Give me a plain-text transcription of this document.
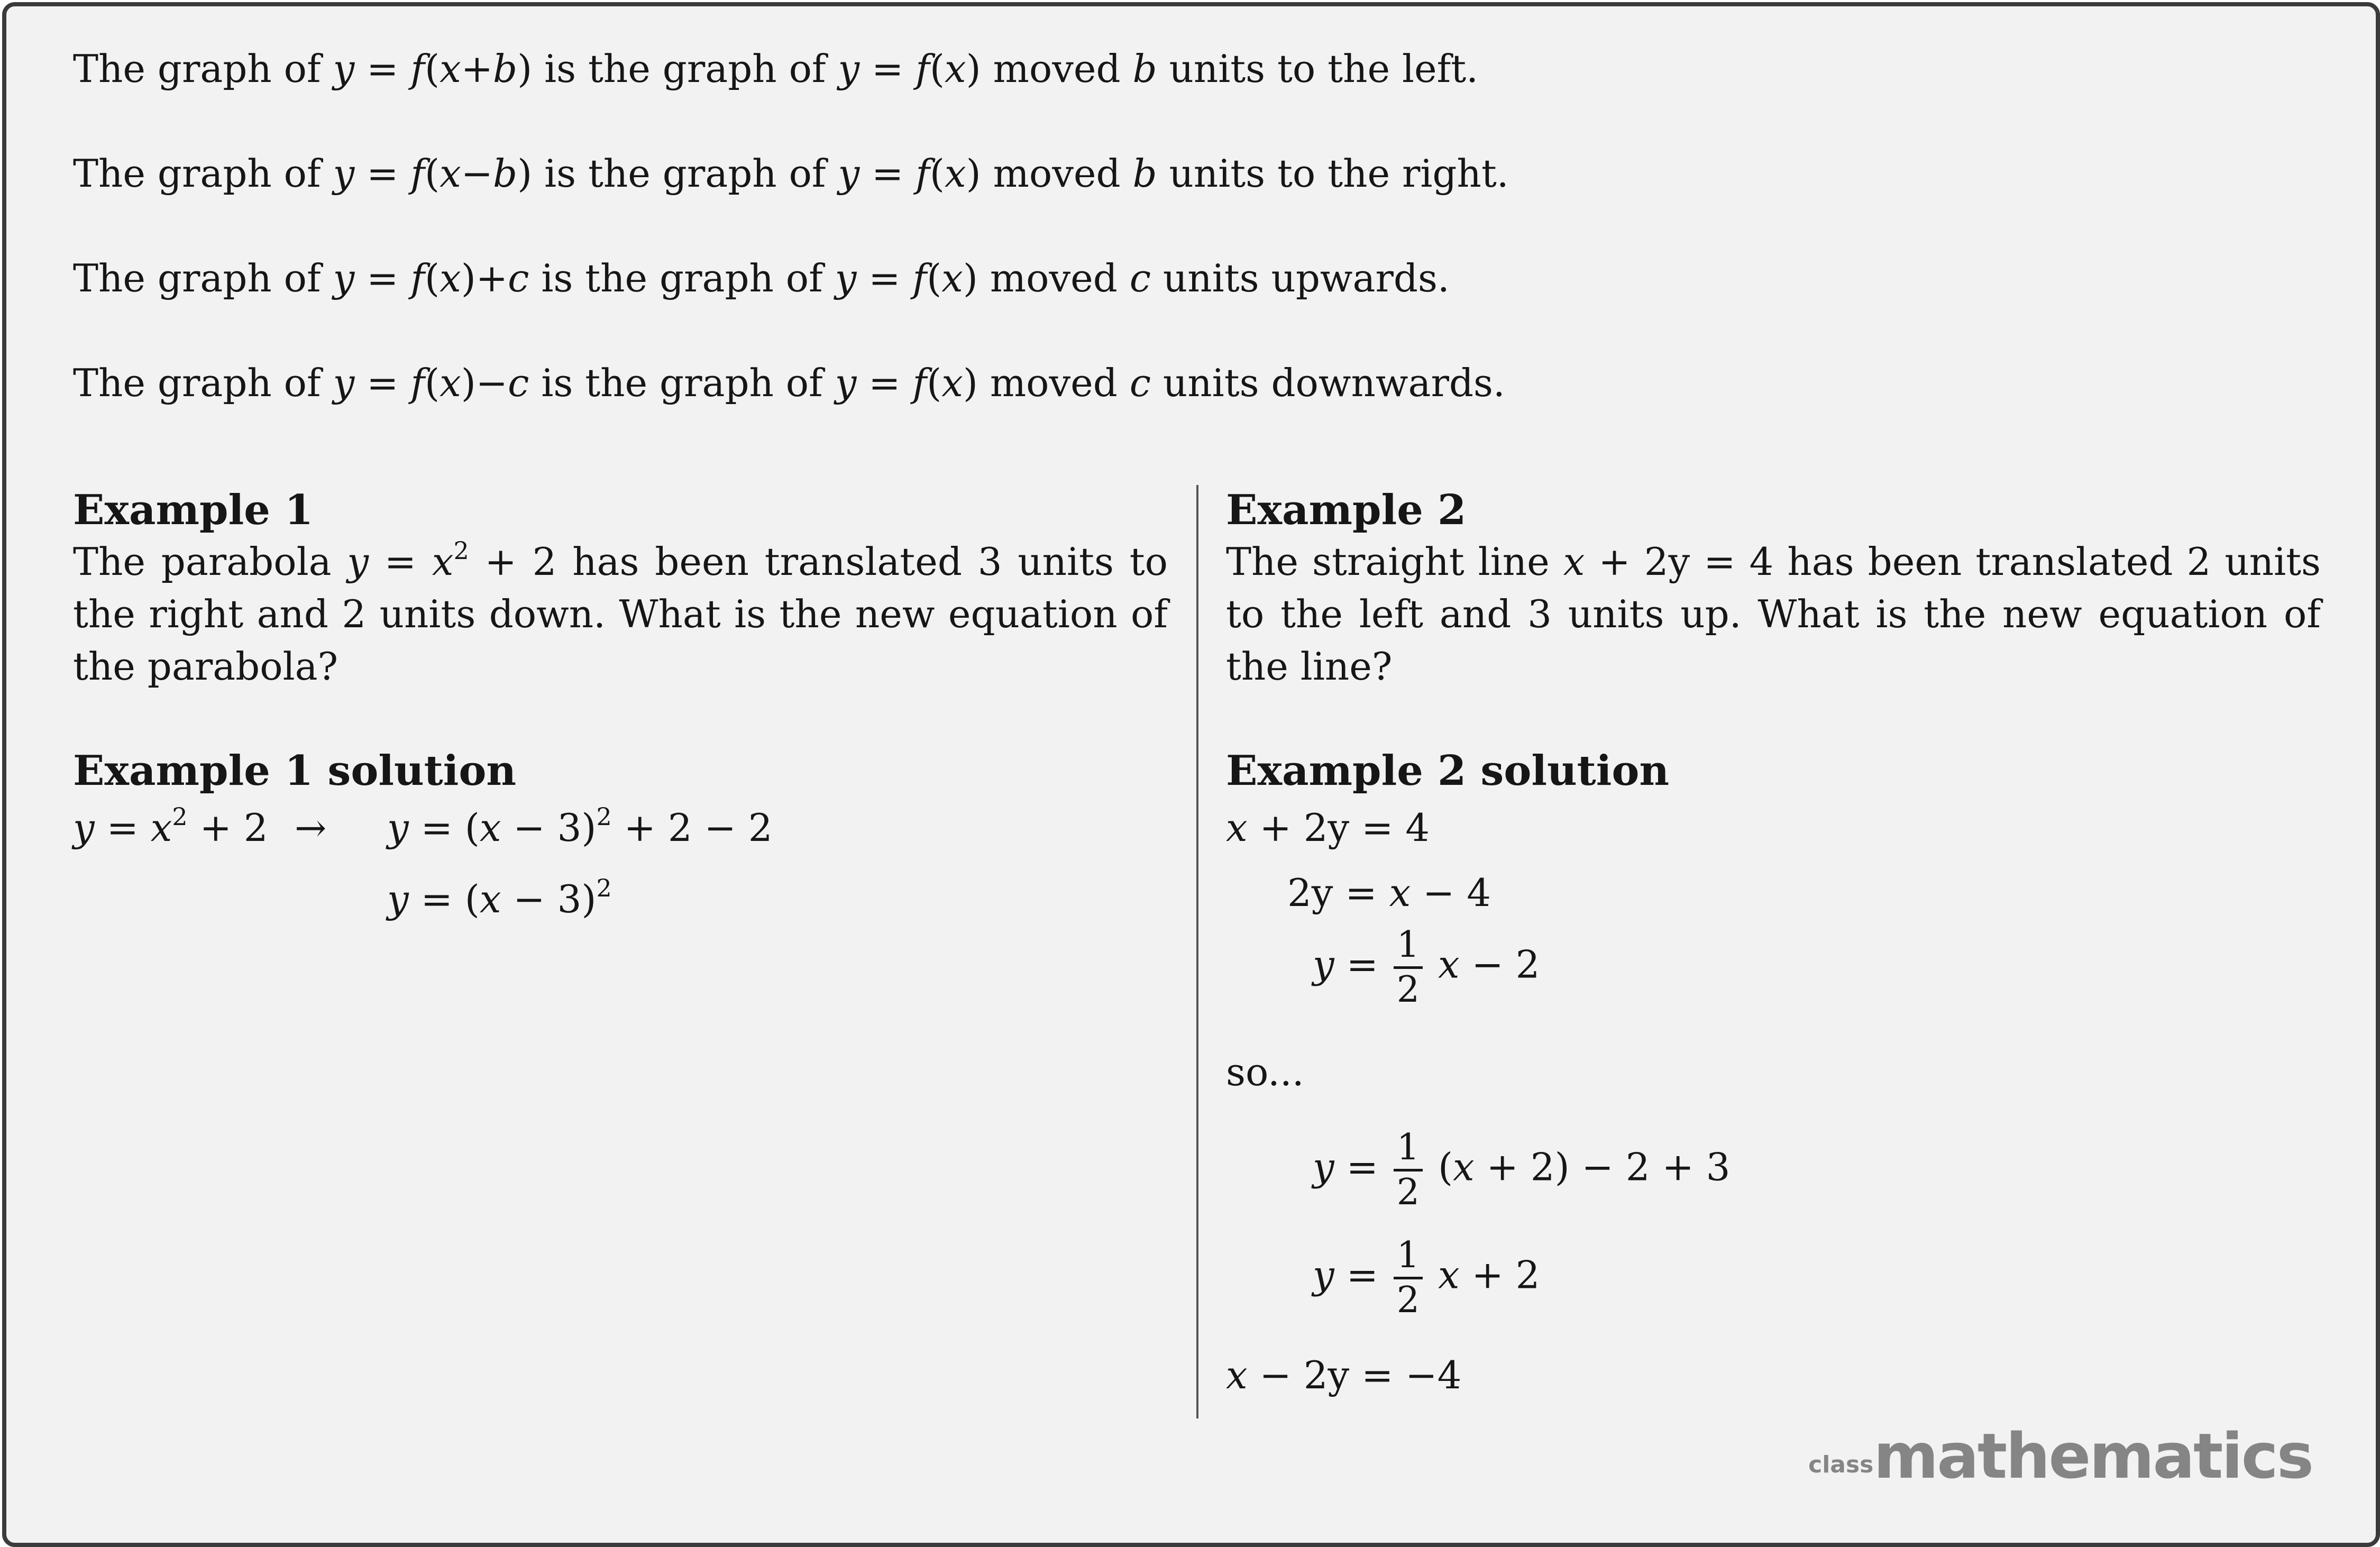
The graph of y = f(x+b) is the graph of y = f(x) moved b units to the left.
The graph of y = f(x−b) is the graph of y = f(x) moved b units to the right.
The graph of y = f(x)+c is the graph of y = f(x) moved c units upwards.
The graph of y = f(x)−c is the graph of y = f(x) moved c units downwards.

Example 1

The parabola $y = x^2 + 2$ has been translated 3 units to the right and 2 units down. What is the new equation of the parabola?

Example 1 solution

$y = x^2 + 2 \to y = (x - 3)^2 + 2 - 2$
$y = (x - 3)^2$

Example 2

The straight line x + 2y = 4 has been translated 2 units to the left and 3 units up. What is the new equation of the line?

Example 2 solution

x + 2y = 4
2y = x − 4
$y = \frac{1}{2}$ x − 2
so...
$y = \frac{1}{2} (x + 2) - 2 + 3$
$y = \frac{1}{2}$ x + 2
x − 2y = −4
classmathematics
